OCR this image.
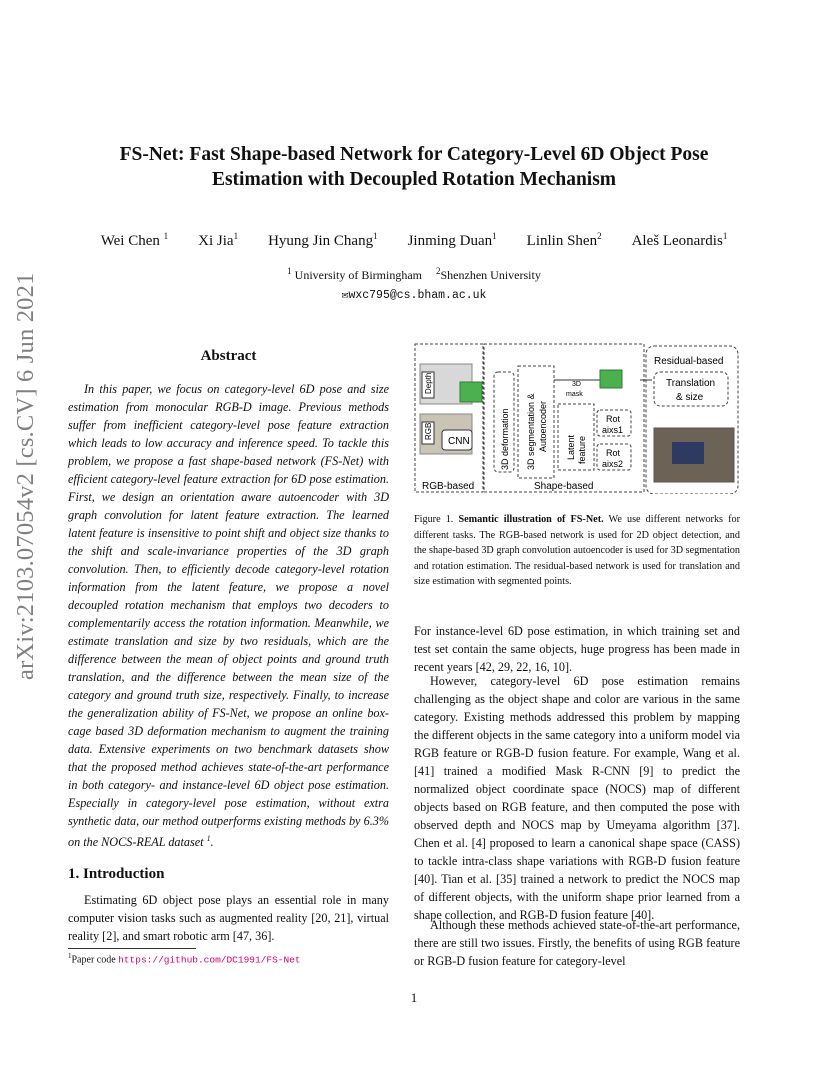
arXiv:2103.07054v2 [cs.CV] 6 Jun 2021
FS-Net: Fast Shape-based Network for Category-Level 6D Object Pose
Estimation with Decoupled Rotation Mechanism
Wei Chen $^1$ Xi Jia$^1$ Hyung Jin Chang$^1$ Jinming Duan$^1$ Linlin Shen$^2$ Aleš Leonardis$^1$
$^1$ University of Birmingham $^2$Shenzhen University
✉wxc795@cs.bham.ac.uk
Abstract
In this paper, we focus on category-level 6D pose and size estimation from monocular RGB-D image. Previous methods suffer from inefficient category-level pose feature extraction which leads to low accuracy and inference speed. To tackle this problem, we propose a fast shape-based network (FS-Net) with efficient category-level feature extraction for 6D pose estimation. First, we design an orientation aware autoencoder with 3D graph convolution for latent feature extraction. The learned latent feature is insensitive to point shift and object size thanks to the shift and scale-invariance properties of the 3D graph convolution. Then, to efficiently decode category-level rotation information from the latent feature, we propose a novel decoupled rotation mechanism that employs two decoders to complementarily access the rotation information. Meanwhile, we estimate translation and size by two residuals, which are the difference between the mean of object points and ground truth translation, and the difference between the mean size of the category and ground truth size, respectively. Finally, to increase the generalization ability of FS-Net, we propose an online box-cage based 3D deformation mechanism to augment the training data. Extensive experiments on two benchmark datasets show that the proposed method achieves state-of-the-art performance in both category- and instance-level 6D object pose estimation. Especially in category-level pose estimation, without extra synthetic data, our method outperforms existing methods by 6.3% on the NOCS-REAL dataset $^1$.
1. Introduction
Estimating 6D object pose plays an essential role in many computer vision tasks such as augmented reality [20, 21], virtual reality [2], and smart robotic arm [47, 36].
$^1$Paper code https://github.com/DC1991/FS-Net
Depth
RGB
CNN
RGB-based
3D deformation 3D segmentation & Autoencoder Latent feature
3D
mask
Rot
aixs1
Rot
aixs2
Shape-based
Residual-based
Translation
& size
Figure 1. Semantic illustration of FS-Net. We use different networks for different tasks. The RGB-based network is used for 2D object detection, and the shape-based 3D graph convolution autoencoder is used for 3D segmentation and rotation estimation. The residual-based network is used for translation and size estimation with segmented points.
For instance-level 6D pose estimation, in which training set and test set contain the same objects, huge progress has been made in recent years [42, 29, 22, 16, 10].
However, category-level 6D pose estimation remains challenging as the object shape and color are various in the same category. Existing methods addressed this problem by mapping the different objects in the same category into a uniform model via RGB feature or RGB-D fusion feature. For example, Wang et al. [41] trained a modified Mask R-CNN [9] to predict the normalized object coordinate space (NOCS) map of different objects based on RGB feature, and then computed the pose with observed depth and NOCS map by Umeyama algorithm [37]. Chen et al. [4] proposed to learn a canonical shape space (CASS) to tackle intra-class shape variations with RGB-D fusion feature [40]. Tian et al. [35] trained a network to predict the NOCS map of different objects, with the uniform shape prior learned from a shape collection, and RGB-D fusion feature [40].
Although these methods achieved state-of-the-art performance, there are still two issues. Firstly, the benefits of using RGB feature or RGB-D fusion feature for category-level
1
